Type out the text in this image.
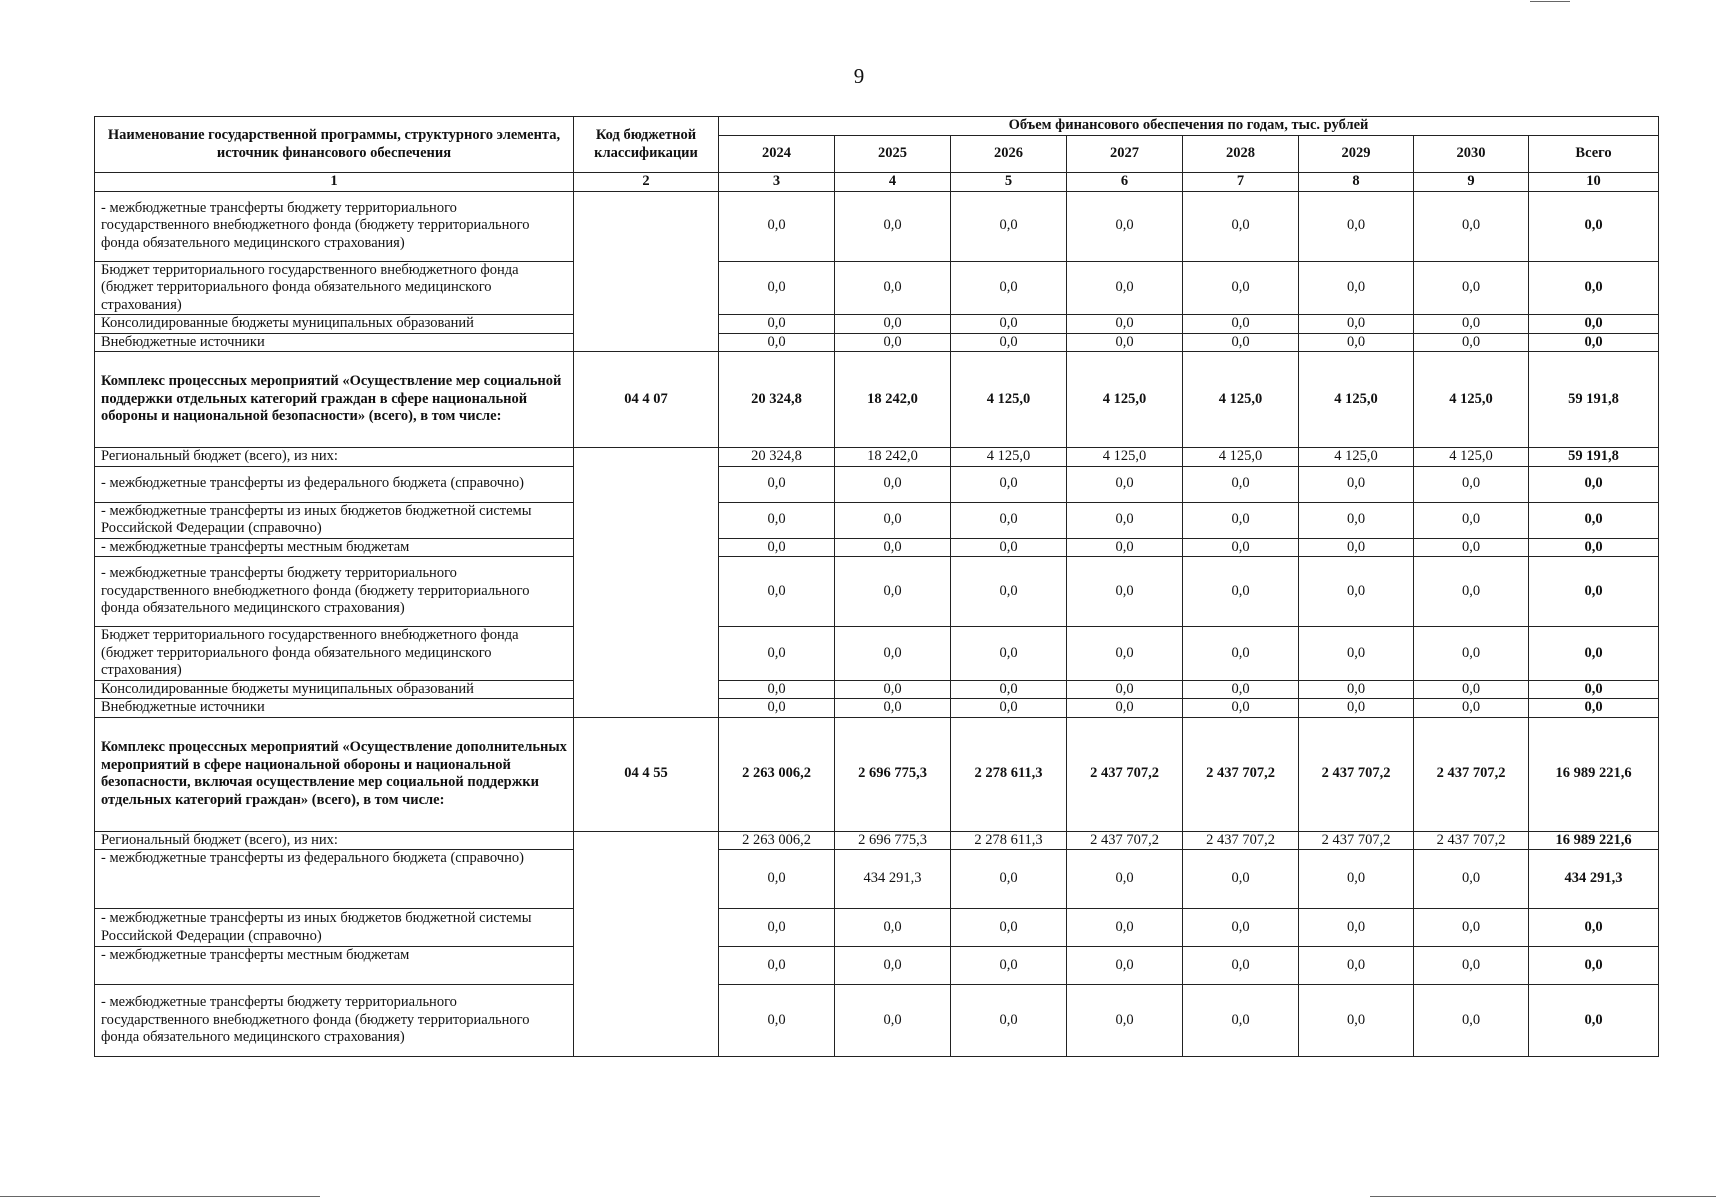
9
Наименование государственной программы, структурного элемента, источник финансового обеспечения	Код бюджетной классификации	Объем финансового обеспечения по годам, тыс. рублей							
		2024	2025	2026	2027	2028	2029	2030	Всего
1	2	3	4	5	6	7	8	9	10
- межбюджетные трансферты бюджету территориального государственного внебюджетного фонда (бюджету территориального фонда обязательного медицинского страхования)		0,0	0,0	0,0	0,0	0,0	0,0	0,0	0,0
Бюджет территориального государственного внебюджетного фонда (бюджет территориального фонда обязательного медицинского страхования)		0,0	0,0	0,0	0,0	0,0	0,0	0,0	0,0
Консолидированные бюджеты муниципальных образований		0,0	0,0	0,0	0,0	0,0	0,0	0,0	0,0
Внебюджетные источники		0,0	0,0	0,0	0,0	0,0	0,0	0,0	0,0
Комплекс процессных мероприятий «Осуществление мер социальной поддержки отдельных категорий граждан в сфере национальной обороны и национальной безопасности» (всего), в том числе:	04 4 07	20 324,8	18 242,0	4 125,0	4 125,0	4 125,0	4 125,0	4 125,0	59 191,8
Региональный бюджет (всего), из них:		20 324,8	18 242,0	4 125,0	4 125,0	4 125,0	4 125,0	4 125,0	59 191,8
- межбюджетные трансферты из федерального бюджета (справочно)		0,0	0,0	0,0	0,0	0,0	0,0	0,0	0,0
- межбюджетные трансферты из иных бюджетов бюджетной системы Российской Федерации (справочно)		0,0	0,0	0,0	0,0	0,0	0,0	0,0	0,0
- межбюджетные трансферты местным бюджетам		0,0	0,0	0,0	0,0	0,0	0,0	0,0	0,0
- межбюджетные трансферты бюджету территориального государственного внебюджетного фонда (бюджету территориального фонда обязательного медицинского страхования)		0,0	0,0	0,0	0,0	0,0	0,0	0,0	0,0
Бюджет территориального государственного внебюджетного фонда (бюджет территориального фонда обязательного медицинского страхования)		0,0	0,0	0,0	0,0	0,0	0,0	0,0	0,0
Консолидированные бюджеты муниципальных образований		0,0	0,0	0,0	0,0	0,0	0,0	0,0	0,0
Внебюджетные источники		0,0	0,0	0,0	0,0	0,0	0,0	0,0	0,0
Комплекс процессных мероприятий «Осуществление дополнительных мероприятий в сфере национальной обороны и национальной безопасности, включая осуществление мер социальной поддержки отдельных категорий граждан» (всего), в том числе:	04 4 55	2 263 006,2	2 696 775,3	2 278 611,3	2 437 707,2	2 437 707,2	2 437 707,2	2 437 707,2	16 989 221,6
Региональный бюджет (всего), из них:		2 263 006,2	2 696 775,3	2 278 611,3	2 437 707,2	2 437 707,2	2 437 707,2	2 437 707,2	16 989 221,6
- межбюджетные трансферты из федерального бюджета (справочно)		0,0	434 291,3	0,0	0,0	0,0	0,0	0,0	434 291,3
- межбюджетные трансферты из иных бюджетов бюджетной системы Российской Федерации (справочно)		0,0	0,0	0,0	0,0	0,0	0,0	0,0	0,0
- межбюджетные трансферты местным бюджетам		0,0	0,0	0,0	0,0	0,0	0,0	0,0	0,0
- межбюджетные трансферты бюджету территориального государственного внебюджетного фонда (бюджету территориального фонда обязательного медицинского страхования)		0,0	0,0	0,0	0,0	0,0	0,0	0,0	0,0
